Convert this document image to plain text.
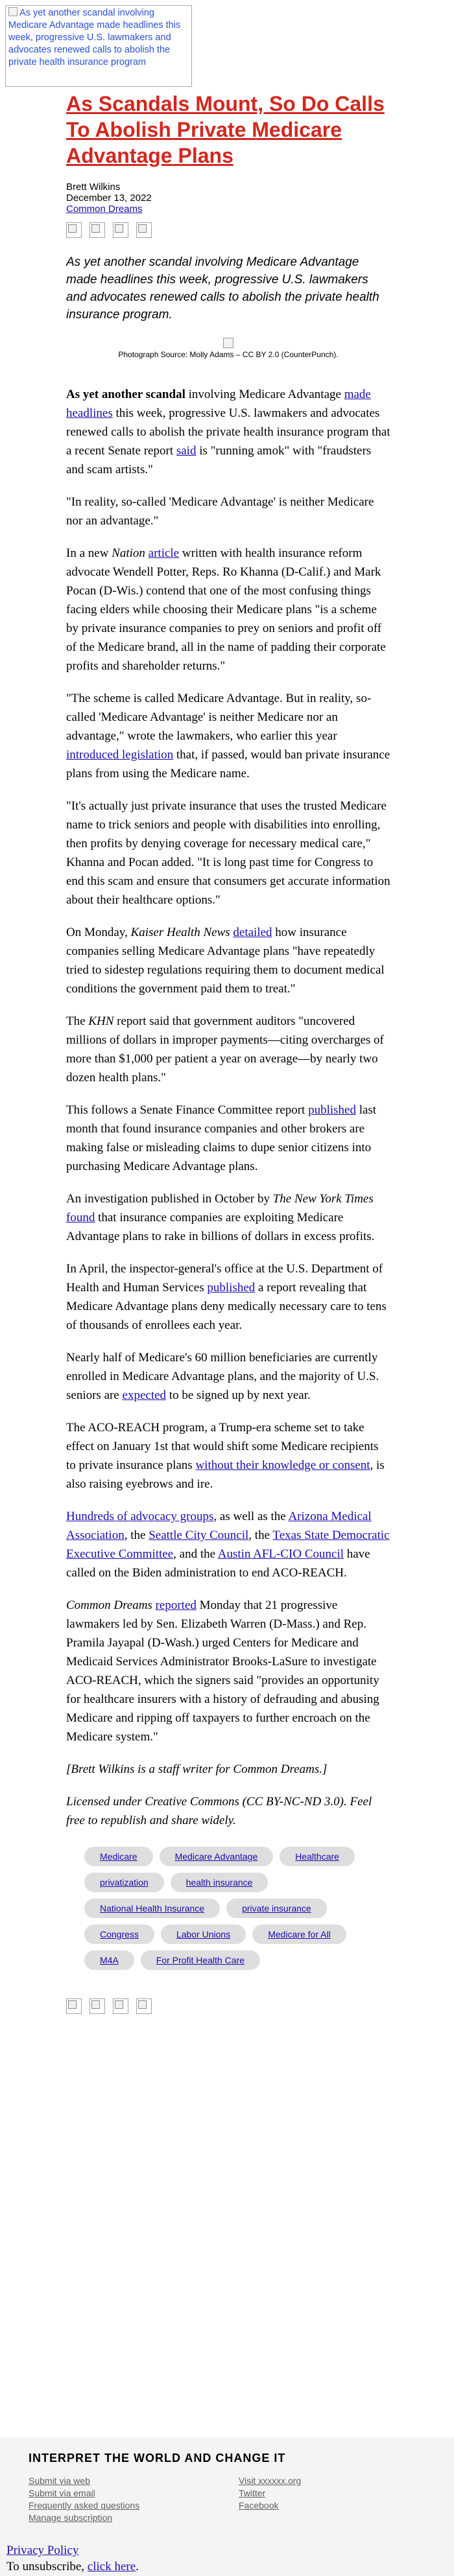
As yet another scandal involving Medicare Advantage made headlines this week, progressive U.S. lawmakers and advocates renewed calls to abolish the private health insurance program
As Scandals Mount, So Do Calls To Abolish Private Medicare Advantage Plans
Brett Wilkins
December 13, 2022
Common Dreams

As yet another scandal involving Medicare Advantage made headlines this week, progressive U.S. lawmakers and advocates renewed calls to abolish the private health insurance program.

Photograph Source: Molly Adams – CC BY 2.0 (CounterPunch).

As yet another scandal involving Medicare Advantage made headlines this week, progressive U.S. lawmakers and advocates renewed calls to abolish the private health insurance program that a recent Senate report said is "running amok" with "fraudsters and scam artists."

"In reality, so-called 'Medicare Advantage' is neither Medicare nor an advantage."

In a new Nation article written with health insurance reform advocate Wendell Potter, Reps. Ro Khanna (D-Calif.) and Mark Pocan (D-Wis.) contend that one of the most confusing things facing elders while choosing their Medicare plans "is a scheme by private insurance companies to prey on seniors and profit off of the Medicare brand, all in the name of padding their corporate profits and shareholder returns."

"The scheme is called Medicare Advantage. But in reality, so-called 'Medicare Advantage' is neither Medicare nor an advantage," wrote the lawmakers, who earlier this year introduced legislation that, if passed, would ban private insurance plans from using the Medicare name.

"It's actually just private insurance that uses the trusted Medicare name to trick seniors and people with disabilities into enrolling, then profits by denying coverage for necessary medical care," Khanna and Pocan added. "It is long past time for Congress to end this scam and ensure that consumers get accurate information about their healthcare options."

On Monday, Kaiser Health News detailed how insurance companies selling Medicare Advantage plans "have repeatedly tried to sidestep regulations requiring them to document medical conditions the government paid them to treat."

The KHN report said that government auditors "uncovered millions of dollars in improper payments—citing overcharges of more than $1,000 per patient a year on average—by nearly two dozen health plans."

This follows a Senate Finance Committee report published last month that found insurance companies and other brokers are making false or misleading claims to dupe senior citizens into purchasing Medicare Advantage plans.

An investigation published in October by The New York Times found that insurance companies are exploiting Medicare Advantage plans to rake in billions of dollars in excess profits.

In April, the inspector-general's office at the U.S. Department of Health and Human Services published a report revealing that Medicare Advantage plans deny medically necessary care to tens of thousands of enrollees each year.

Nearly half of Medicare's 60 million beneficiaries are currently enrolled in Medicare Advantage plans, and the majority of U.S. seniors are expected to be signed up by next year.

The ACO-REACH program, a Trump-era scheme set to take effect on January 1st that would shift some Medicare recipients to private insurance plans without their knowledge or consent, is also raising eyebrows and ire.

Hundreds of advocacy groups, as well as the Arizona Medical Association, the Seattle City Council, the Texas State Democratic Executive Committee, and the Austin AFL-CIO Council have called on the Biden administration to end ACO-REACH.

Common Dreams reported Monday that 21 progressive lawmakers led by Sen. Elizabeth Warren (D-Mass.) and Rep. Pramila Jayapal (D-Wash.) urged Centers for Medicare and Medicaid Services Administrator Brooks-LaSure to investigate ACO-REACH, which the signers said "provides an opportunity for healthcare insurers with a history of defrauding and abusing Medicare and ripping off taxpayers to further encroach on the Medicare system."

[Brett Wilkins is a staff writer for Common Dreams.]

Licensed under Creative Commons (CC BY-NC-ND 3.0). Feel free to republish and share widely.

Medicare	Medicare Advantage	Healthcare
privatization	health insurance
National Health Insurance	private insurance
Congress	Labor Unions	Medicare for All
M4A	For Profit Health Care
INTERPRET THE WORLD AND CHANGE IT
Submit via web
Submit via email
Frequently asked questions
Manage subscription
Visit xxxxxx.org
Twitter
Facebook
Privacy Policy
To unsubscribe, click here.
